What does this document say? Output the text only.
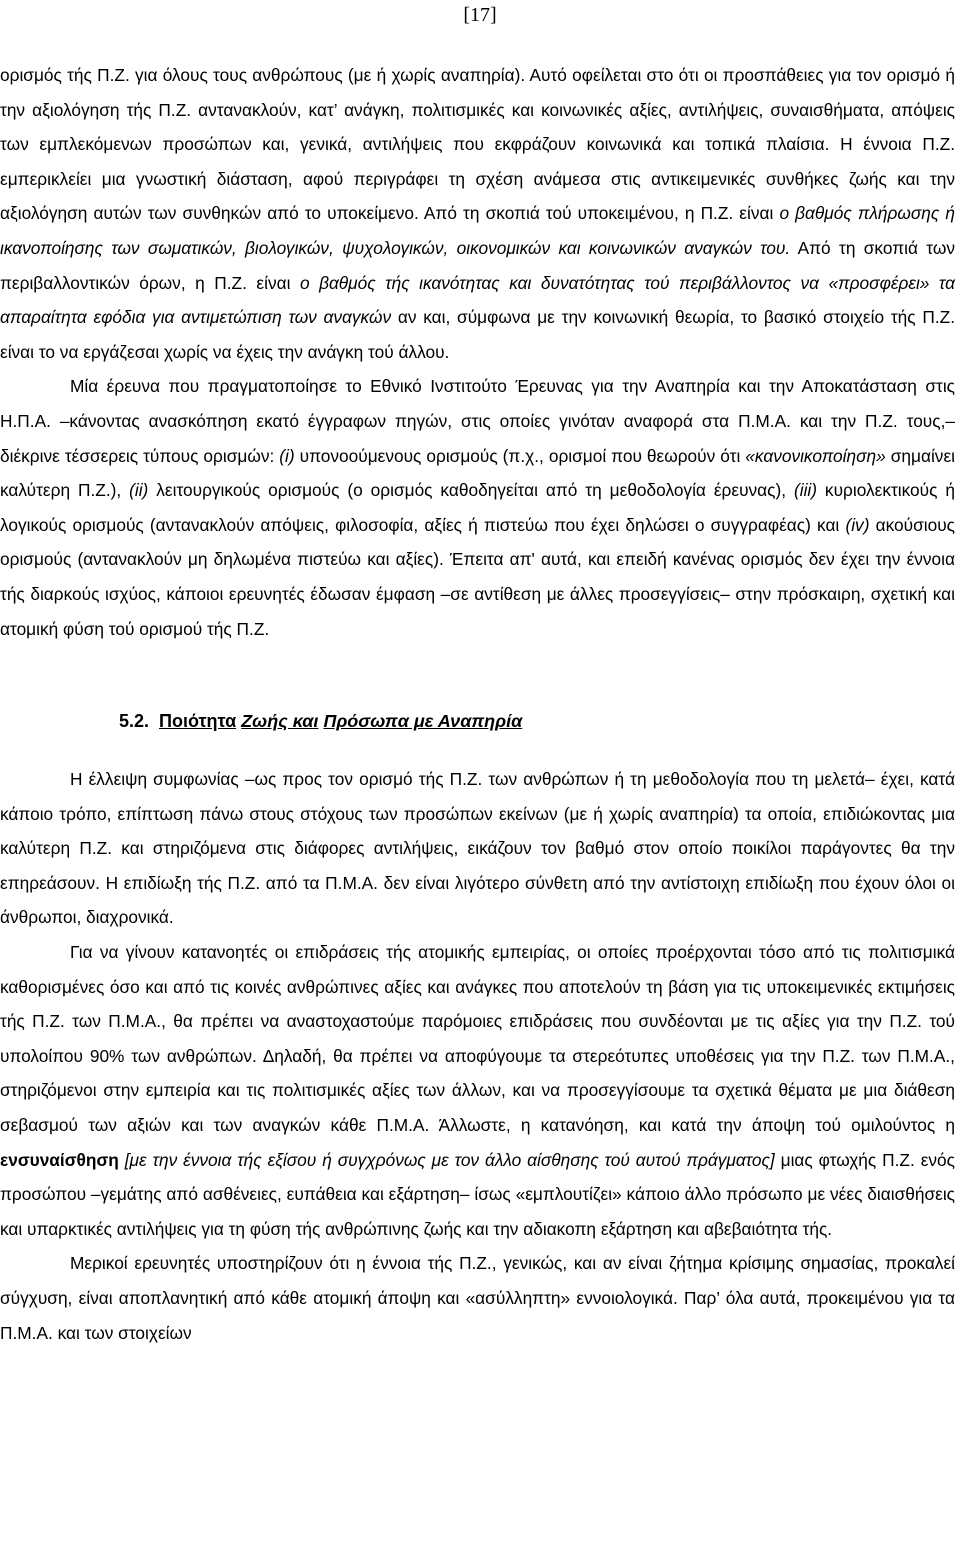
[17]

ορισμός τής Π.Ζ. για όλους τους ανθρώπους (με ή χωρίς αναπηρία). Αυτό οφείλεται στο ότι οι προσπάθειες για τον ορισμό ή την αξιολόγηση τής Π.Ζ. αντανακλούν, κατ’ ανάγκη, πολιτισμικές και κοινωνικές αξίες, αντιλήψεις, συναισθήματα, απόψεις των εμπλεκόμενων προσώπων και, γενικά, αντιλήψεις που εκφράζουν κοινωνικά και τοπικά πλαίσια. Η έννοια Π.Ζ. εμπερικλείει μια γνωστική διάσταση, αφού περιγράφει τη σχέση ανάμεσα στις αντικειμενικές συνθήκες ζωής και την αξιολόγηση αυτών των συνθηκών από το υποκείμενο. Από τη σκοπιά τού υποκειμένου, η Π.Ζ. είναι ο βαθμός πλήρωσης ή ικανοποίησης των σωματικών, βιολογικών, ψυχολογικών, οικονομικών και κοινωνικών αναγκών του. Από τη σκοπιά των περιβαλλοντικών όρων, η Π.Ζ. είναι ο βαθμός τής ικανότητας και δυνατότητας τού περιβάλλοντος να «προσφέρει» τα απαραίτητα εφόδια για αντιμετώπιση των αναγκών αν και, σύμφωνα με την κοινωνική θεωρία, το βασικό στοιχείο τής Π.Ζ. είναι το να εργάζεσαι χωρίς να έχεις την ανάγκη τού άλλου.

Μία έρευνα που πραγματοποίησε το Εθνικό Ινστιτούτο Έρευνας για την Αναπηρία και την Αποκατάσταση στις Η.Π.Α. –κάνοντας ανασκόπηση εκατό έγγραφων πηγών, στις οποίες γινόταν αναφορά στα Π.Μ.Α. και την Π.Ζ. τους,– διέκρινε τέσσερεις τύπους ορισμών: (i) υπονοούμενους ορισμούς (π.χ., ορισμοί που θεωρούν ότι «κανονικοποίηση» σημαίνει καλύτερη Π.Ζ.), (ii) λειτουργικούς ορισμούς (ο ορισμός καθοδηγείται από τη μεθοδολογία έρευνας), (iii) κυριολεκτικούς ή λογικούς ορισμούς (αντανακλούν απόψεις, φιλοσοφία, αξίες ή πιστεύω που έχει δηλώσει ο συγγραφέας) και (iv) ακούσιους ορισμούς (αντανακλούν μη δηλωμένα πιστεύω και αξίες). Έπειτα απ' αυτά, και επειδή κανένας ορισμός δεν έχει την έννοια τής διαρκούς ισχύος, κάποιοι ερευνητές έδωσαν έμφαση –σε αντίθεση με άλλες προσεγγίσεις– στην πρόσκαιρη, σχετική και ατομική φύση τού ορισμού τής Π.Ζ.

5.2. Ποιότητα Ζωής και Πρόσωπα με Αναπηρία

Η έλλειψη συμφωνίας –ως προς τον ορισμό τής Π.Ζ. των ανθρώπων ή τη μεθοδολογία που τη μελετά– έχει, κατά κάποιο τρόπο, επίπτωση πάνω στους στόχους των προσώπων εκείνων (με ή χωρίς αναπηρία) τα οποία, επιδιώκοντας μια καλύτερη Π.Ζ. και στηριζόμενα στις διάφορες αντιλήψεις, εικάζουν τον βαθμό στον οποίο ποικίλοι παράγοντες θα την επηρεάσουν. Η επιδίωξη τής Π.Ζ. από τα Π.Μ.Α. δεν είναι λιγότερο σύνθετη από την αντίστοιχη επιδίωξη που έχουν όλοι οι άνθρωποι, διαχρονικά.

Για να γίνουν κατανοητές οι επιδράσεις τής ατομικής εμπειρίας, οι οποίες προέρχονται τόσο από τις πολιτισμικά καθορισμένες όσο και από τις κοινές ανθρώπινες αξίες και ανάγκες που αποτελούν τη βάση για τις υποκειμενικές εκτιμήσεις τής Π.Ζ. των Π.Μ.Α., θα πρέπει να αναστοχαστούμε παρόμοιες επιδράσεις που συνδέονται με τις αξίες για την Π.Ζ. τού υπολοίπου 90% των ανθρώπων. Δηλαδή, θα πρέπει να αποφύγουμε τα στερεότυπες υποθέσεις για την Π.Ζ. των Π.Μ.Α., στηριζόμενοι στην εμπειρία και τις πολιτισμικές αξίες των άλλων, και να προσεγγίσουμε τα σχετικά θέματα με μια διάθεση σεβασμού των αξιών και των αναγκών κάθε Π.Μ.Α. Άλλωστε, η κατανόηση, και κατά την άποψη τού ομιλούντος η ενσυναίσθηση [με την έννοια τής εξίσου ή συγχρόνως με τον άλλο αίσθησης τού αυτού πράγματος] μιας φτωχής Π.Ζ. ενός προσώπου –γεμάτης από ασθένειες, ευπάθεια και εξάρτηση– ίσως «εμπλουτίζει» κάποιο άλλο πρόσωπο με νέες διαισθήσεις και υπαρκτικές αντιλήψεις για τη φύση τής ανθρώπινης ζωής και την αδιακοπη εξάρτηση και αβεβαιότητα τής.

Μερικοί ερευνητές υποστηρίζουν ότι η έννοια τής Π.Ζ., γενικώς, και αν είναι ζήτημα κρίσιμης σημασίας, προκαλεί σύγχυση, είναι αποπλανητική από κάθε ατομική άποψη και «ασύλληπτη» εννοιολογικά. Παρ’ όλα αυτά, προκειμένου για τα Π.Μ.Α. και των στοιχείων
